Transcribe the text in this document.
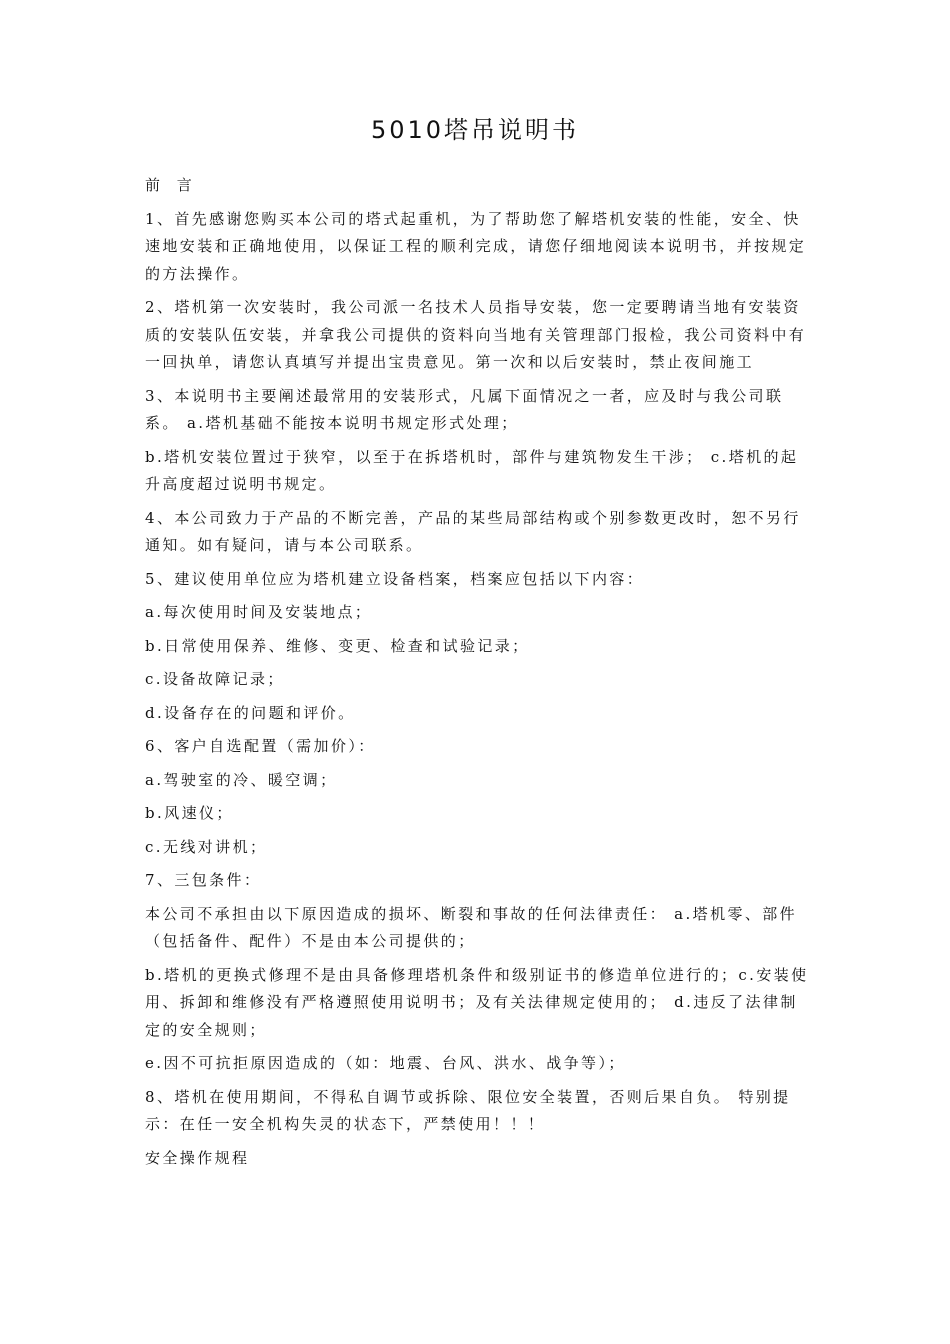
5010塔吊说明书

前 言

1、首先感谢您购买本公司的塔式起重机，为了帮助您了解塔机安装的性能，安全、快速地安装和正确地使用，以保证工程的顺利完成，请您仔细地阅读本说明书，并按规定的方法操作。

2、塔机第一次安装时，我公司派一名技术人员指导安装，您一定要聘请当地有安装资质的安装队伍安装，并拿我公司提供的资料向当地有关管理部门报检，我公司资料中有一回执单，请您认真填写并提出宝贵意见。第一次和以后安装时，禁止夜间施工

3、本说明书主要阐述最常用的安装形式，凡属下面情况之一者，应及时与我公司联系。 a.塔机基础不能按本说明书规定形式处理；

b.塔机安装位置过于狭窄，以至于在拆塔机时，部件与建筑物发生干涉； c.塔机的起升高度超过说明书规定。

4、本公司致力于产品的不断完善，产品的某些局部结构或个别参数更改时，恕不另行通知。如有疑问，请与本公司联系。

5、建议使用单位应为塔机建立设备档案，档案应包括以下内容：

a.每次使用时间及安装地点；

b.日常使用保养、维修、变更、检查和试验记录；

c.设备故障记录；

d.设备存在的问题和评价。

6、客户自选配置（需加价）：

a.驾驶室的冷、暖空调；

b.风速仪；

c.无线对讲机；

7、三包条件：

本公司不承担由以下原因造成的损坏、断裂和事故的任何法律责任： a.塔机零、部件（包括备件、配件）不是由本公司提供的；

b.塔机的更换式修理不是由具备修理塔机条件和级别证书的修造单位进行的；c.安装使用、拆卸和维修没有严格遵照使用说明书；及有关法律规定使用的； d.违反了法律制定的安全规则；

e.因不可抗拒原因造成的（如：地震、台风、洪水、战争等）；

8、塔机在使用期间，不得私自调节或拆除、限位安全装置，否则后果自负。 特别提示：在任一安全机构失灵的状态下，严禁使用！！！

安全操作规程
